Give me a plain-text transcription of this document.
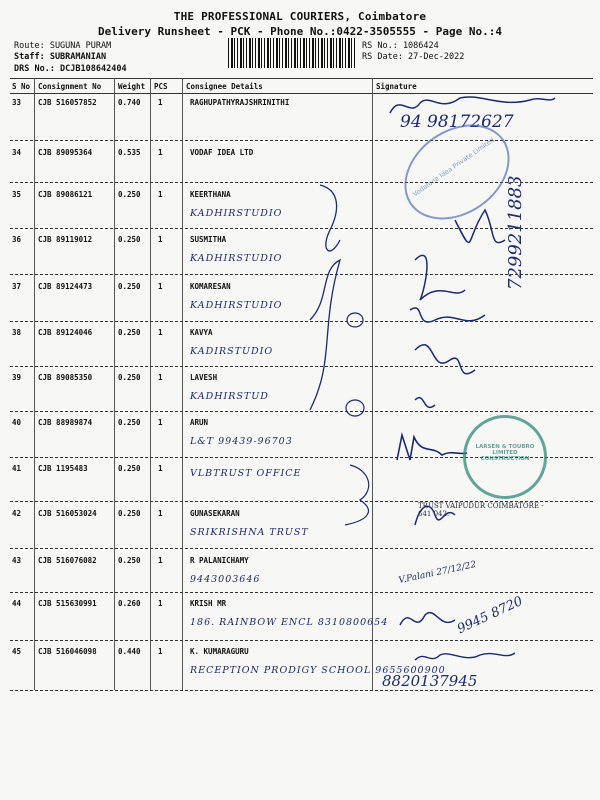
THE PROFESSIONAL COURIERS, Coimbatore
Delivery Runsheet - PCK - Phone No.:0422-3505555 - Page No.:4
Route: SUGUNA PURAM
Staff: SUBRAMANIAN
DRS No.: DCJB108642404
RS No.: 1086424
RS Date: 27-Dec-2022
S No Consignment No Weight PCS Consignee Details	Signature
33 CJB 516057852	0.740 1	RAGHUPATHYRAJSHRINITHI
34 CJB 89095364	0.535 1	VODAF IDEA LTD
35 CJB 89086121	0.250 1	KEERTHANA
KADHIRSTUDIO
36 CJB 89119012	0.250 1	SUSMITHA
KADHIRSTUDIO
37 CJB 89124473	0.250 1	KOMARESAN
KADHIRSTUDIO
38 CJB 89124046	0.250 1	KAVYA
KADIRSTUDIO
39 CJB 89085350	0.250 1	LAVESH
KADHIRSTUD
40 CJB 88989874	0.250 1	ARUN
L&T 99439-96703
41 CJB 1195483	0.250 1	VLBTRUST OFFICE
42 CJB 516053024	0.250 1	GUNASEKARAN
SRIKRISHNA TRUST
43 CJB 516076082	0.250 1	R PALANICHAMY
9443003646
44 CJB 515630991	0.260 1	KRISH MR
186. RAINBOW ENCL 8310800654
45 CJB 516046098	0.440 1	K. KUMARAGURU
RECEPTION PRODIGY SCHOOL 9655600900
94 98172627
Vodafone Idea Private Limited
7299211883
LARSEN & TOUBRO LIMITED CONSTRUCTION
TRUST VAIPUDUR COIMBATORE - 641 042.
V.Palani 27/12/22
9945 8720
8820137945
